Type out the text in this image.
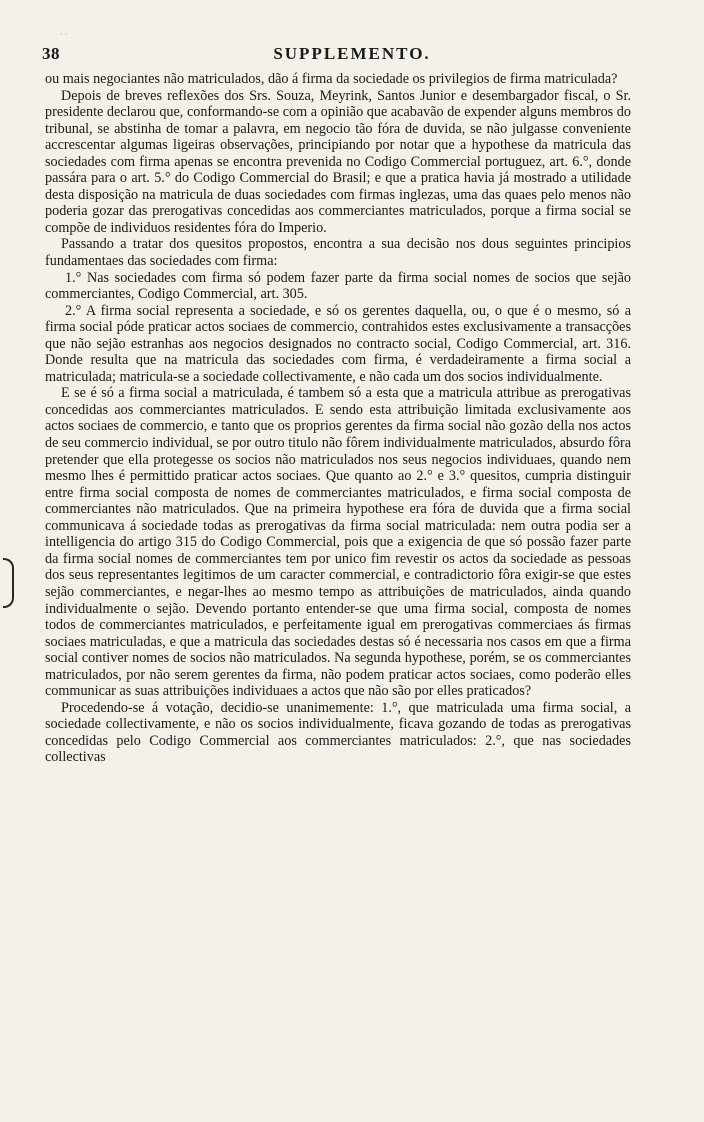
· ·
38	SUPPLEMENTO.

ou mais negociantes não matriculados, dão á firma da sociedade os privilegios de firma matriculada?

Depois de breves reflexões dos Srs. Souza, Meyrink, Santos Junior e desembargador fiscal, o Sr. presidente declarou que, conformando-se com a opinião que acabavão de expender alguns membros do tribunal, se abstinha de tomar a palavra, em negocio tão fóra de duvida, se não julgasse conveniente accrescentar algumas ligeiras observações, principiando por notar que a hypothese da matricula das sociedades com firma apenas se encontra prevenida no Codigo Commercial portuguez, art. 6.°, donde passára para o art. 5.° do Codigo Commercial do Brasil; e que a pratica havia já mostrado a utilidade desta disposição na matricula de duas sociedades com firmas inglezas, uma das quaes pelo menos não poderia gozar das prerogativas concedidas aos commerciantes matriculados, porque a firma social se compõe de individuos residentes fóra do Imperio.

Passando a tratar dos quesitos propostos, encontra a sua decisão nos dous seguintes principios fundamentaes das sociedades com firma:

1.° Nas sociedades com firma só podem fazer parte da firma social nomes de socios que sejão commerciantes, Codigo Commercial, art. 305.

2.° A firma social representa a sociedade, e só os gerentes daquella, ou, o que é o mesmo, só a firma social póde praticar actos sociaes de commercio, contrahidos estes exclusivamente a transacções que não sejão estranhas aos negocios designados no contracto social, Codigo Commercial, art. 316. Donde resulta que na matricula das sociedades com firma, é verdadeiramente a firma social a matriculada; matricula-se a sociedade collectivamente, e não cada um dos socios individualmente.

E se é só a firma social a matriculada, é tambem só a esta que a matricula attribue as prerogativas concedidas aos commerciantes matriculados. E sendo esta attribuição limitada exclusivamente aos actos sociaes de commercio, e tanto que os proprios gerentes da firma social não gozão della nos actos de seu commercio individual, se por outro titulo não fôrem individualmente matriculados, absurdo fôra pretender que ella protegesse os socios não matriculados nos seus negocios individuaes, quando nem mesmo lhes é permittido praticar actos sociaes. Que quanto ao 2.° e 3.° quesitos, cumpria distinguir entre firma social composta de nomes de commerciantes matriculados, e firma social composta de commerciantes não matriculados. Que na primeira hypothese era fóra de duvida que a firma social communicava á sociedade todas as prerogativas da firma social matriculada: nem outra podia ser a intelligencia do artigo 315 do Codigo Commercial, pois que a exigencia de que só possão fazer parte da firma social nomes de commerciantes tem por unico fim revestir os actos da sociedade as pessoas dos seus representantes legitimos de um caracter commercial, e contradictorio fôra exigir-se que estes sejão commerciantes, e negar-lhes ao mesmo tempo as attribuições de matriculados, ainda quando individualmente o sejão. Devendo portanto entender-se que uma firma social, composta de nomes todos de commerciantes matriculados, e perfeitamente igual em prerogativas commerciaes ás firmas sociaes matriculadas, e que a matricula das sociedades destas só é necessaria nos casos em que a firma social contiver nomes de socios não matriculados. Na segunda hypothese, porém, se os commerciantes matriculados, por não serem gerentes da firma, não podem praticar actos sociaes, como poderão elles communicar as suas attribuições individuaes a actos que não são por elles praticados?

Procedendo-se á votação, decidio-se unanimemente: 1.°, que matriculada uma firma social, a sociedade collectivamente, e não os socios individualmente, ficava gozando de todas as prerogativas concedidas pelo Codigo Commercial aos commerciantes matriculados: 2.°, que nas sociedades collectivas
